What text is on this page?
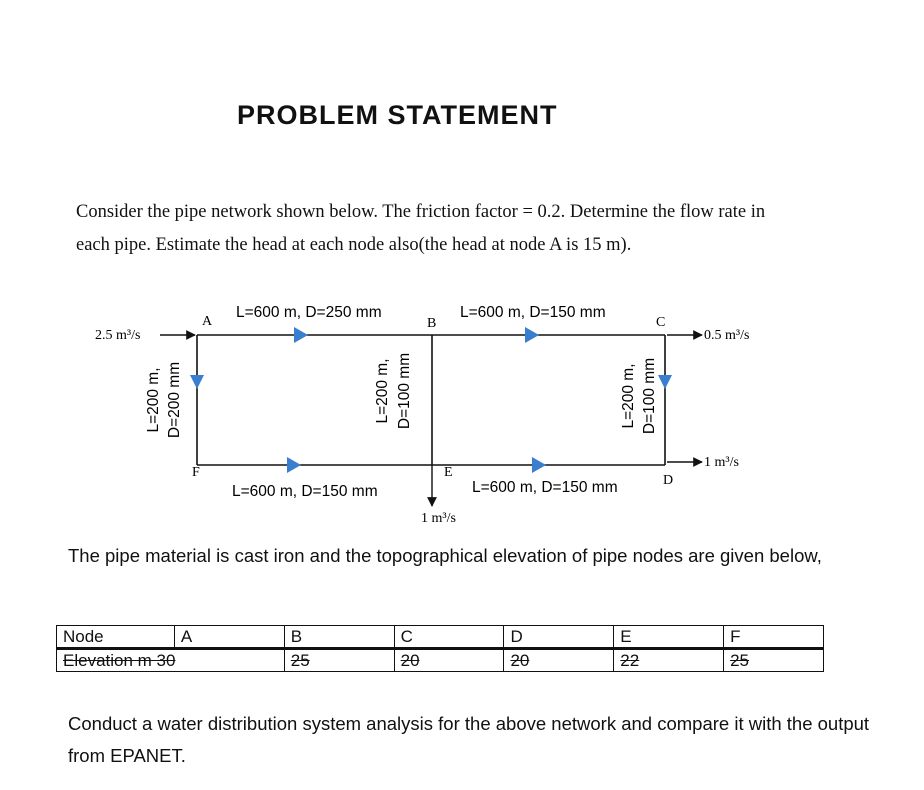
PROBLEM STATEMENT
Consider the pipe network shown below. The friction factor = 0.2. Determine the flow rate in
each pipe. Estimate the head at each node also(the head at node A is 15 m).
A	B	C
D
E
F
L=600 m, D=250 mm	L=600 m, D=150 mm
L=600 m, D=150 mm	L=600 m, D=150 mm
L=200 m, D=200 mm	L=200 m, D=100 mm	L=200 m, D=100 mm
2.5 m³/s	0.5 m³/s
1 m³/s
1 m³/s
The pipe material is cast iron and the topographical elevation of pipe nodes are given below,
Node	A	B	C	D	E	F
Elevation m 30		25	20	20	22	25
Conduct a water distribution system analysis for the above network and compare it with the output from EPANET.
